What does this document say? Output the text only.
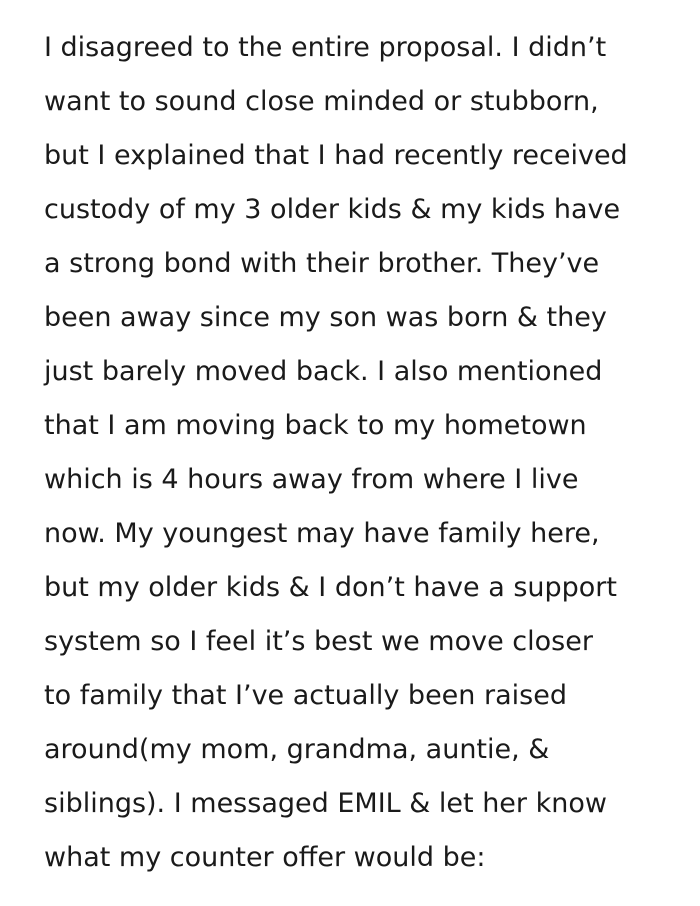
I disagreed to the entire proposal. I didn’t
want to sound close minded or stubborn,
but I explained that I had recently received
custody of my 3 older kids & my kids have
a strong bond with their brother. They’ve
been away since my son was born & they
just barely moved back. I also mentioned
that I am moving back to my hometown
which is 4 hours away from where I live
now. My youngest may have family here,
but my older kids & I don’t have a support
system so I feel it’s best we move closer
to family that I’ve actually been raised
around(my mom, grandma, auntie, &
siblings). I messaged EMIL & let her know
what my counter offer would be:
